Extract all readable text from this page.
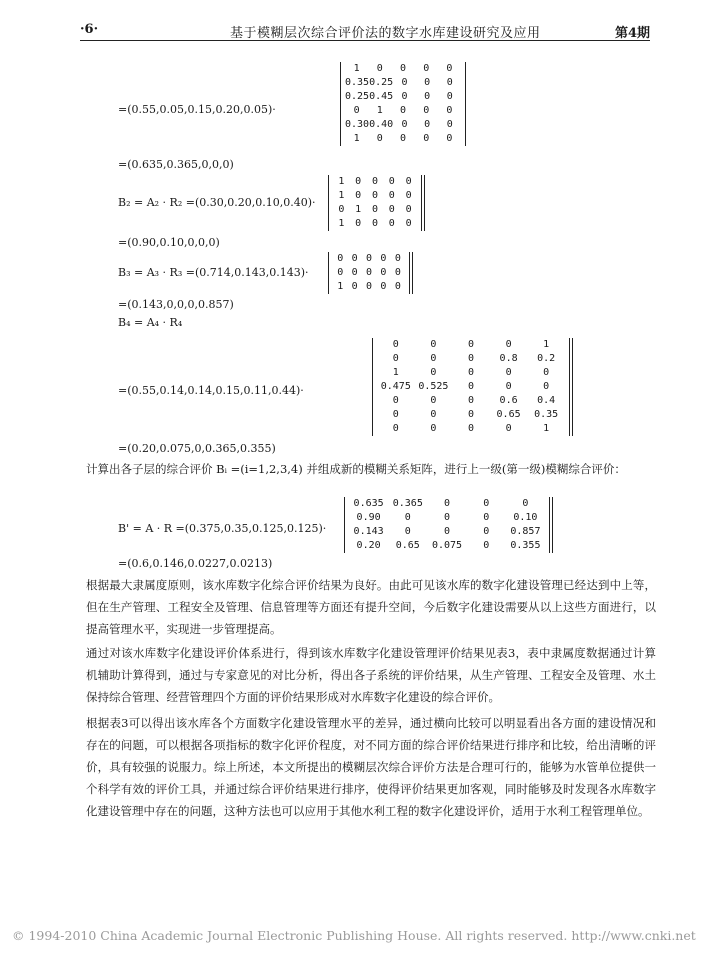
·6·	基于模糊层次综合评价法的数字水库建设研究及应用	第4期
=(0.55,0.05,0.15,0.20,0.05)·
1	0	0	0	0
0.35 0.25 0	0	0
0.25 0.45 0	0	0
0	1	0	0	0
0.30 0.40 0	0	0
1	0	0	0	0
=(0.635,0.365,0,0,0)
B₂ = A₂ · R₂ =(0.30,0.20,0.10,0.40)·
1	0	0	0	0
1	0	0	0	0
0	1	0	0	0
1	0	0	0	0
=(0.90,0.10,0,0,0)
B₃ = A₃ · R₃ =(0.714,0.143,0.143)·
0 0 0 0 0
0 0 0 0 0
1 0 0 0 0
=(0.143,0,0,0,0.857)
B₄ = A₄ · R₄
=(0.55,0.14,0.14,0.15,0.11,0.44)·
0	0	0	0	1
0	0	0	0.8	0.2
1	0	0	0	0
0.475 0.525	0	0	0
0	0	0	0.6	0.4
0	0	0	0.65	0.35
0	0	0	0	1
=(0.20,0.075,0,0.365,0.355)
计算出各子层的综合评价 Bᵢ =(i=1,2,3,4) 并组成新的模糊关系矩阵，进行上一级(第一级)模糊综合评价：
B' = A · R =(0.375,0.35,0.125,0.125)·
0.635 0.365	0	0	0
0.90	0	0	0	0.10
0.143	0	0	0	0.857
0.20	0.65	0.075	0	0.355
=(0.6,0.146,0.0227,0.0213)
根据最大隶属度原则，该水库数字化综合评价结果为良好。由此可见该水库的数字化建设管理已经达到中上等，但在生产管理、工程安全及管理、信息管理等方面还有提升空间，今后数字化建设需要从以上这些方面进行，以提高管理水平，实现进一步管理提高。
通过对该水库数字化建设评价体系进行，得到该水库数字化建设管理评价结果见表3，表中隶属度数据通过计算机辅助计算得到，通过与专家意见的对比分析，得出各子系统的评价结果，从生产管理、工程安全及管理、水土保持综合管理、经营管理四个方面的评价结果形成对水库数字化建设的综合评价。
根据表3可以得出该水库各个方面数字化建设管理水平的差异，通过横向比较可以明显看出各方面的建设情况和存在的问题，可以根据各项指标的数字化评价程度，对不同方面的综合评价结果进行排序和比较，给出清晰的评价，具有较强的说服力。综上所述，本文所提出的模糊层次综合评价方法是合理可行的，能够为水管单位提供一个科学有效的评价工具，并通过综合评价结果进行排序，使得评价结果更加客观，同时能够及时发现各水库数字化建设管理中存在的问题，这种方法也可以应用于其他水利工程的数字化建设评价，适用于水利工程管理单位。
© 1994-2010 China Academic Journal Electronic Publishing House. All rights reserved. http://www.cnki.net
